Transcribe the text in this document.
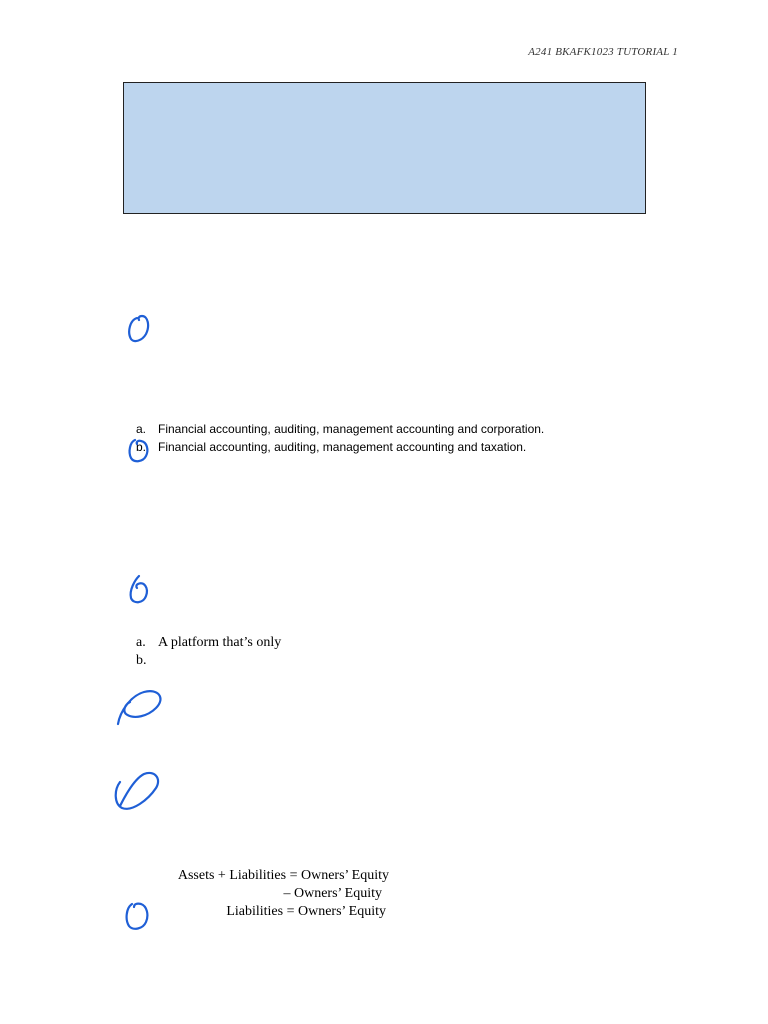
A241 BKAFK1023 TUTORIAL 1
a. Financial accounting, auditing, management accounting and corporation.
b. Financial accounting, auditing, management accounting and taxation.
a. A platform that’s only
b.
Assets + Liabilities = Owners’ Equity
– Owners’ Equity
Liabilities = Owners’ Equity
